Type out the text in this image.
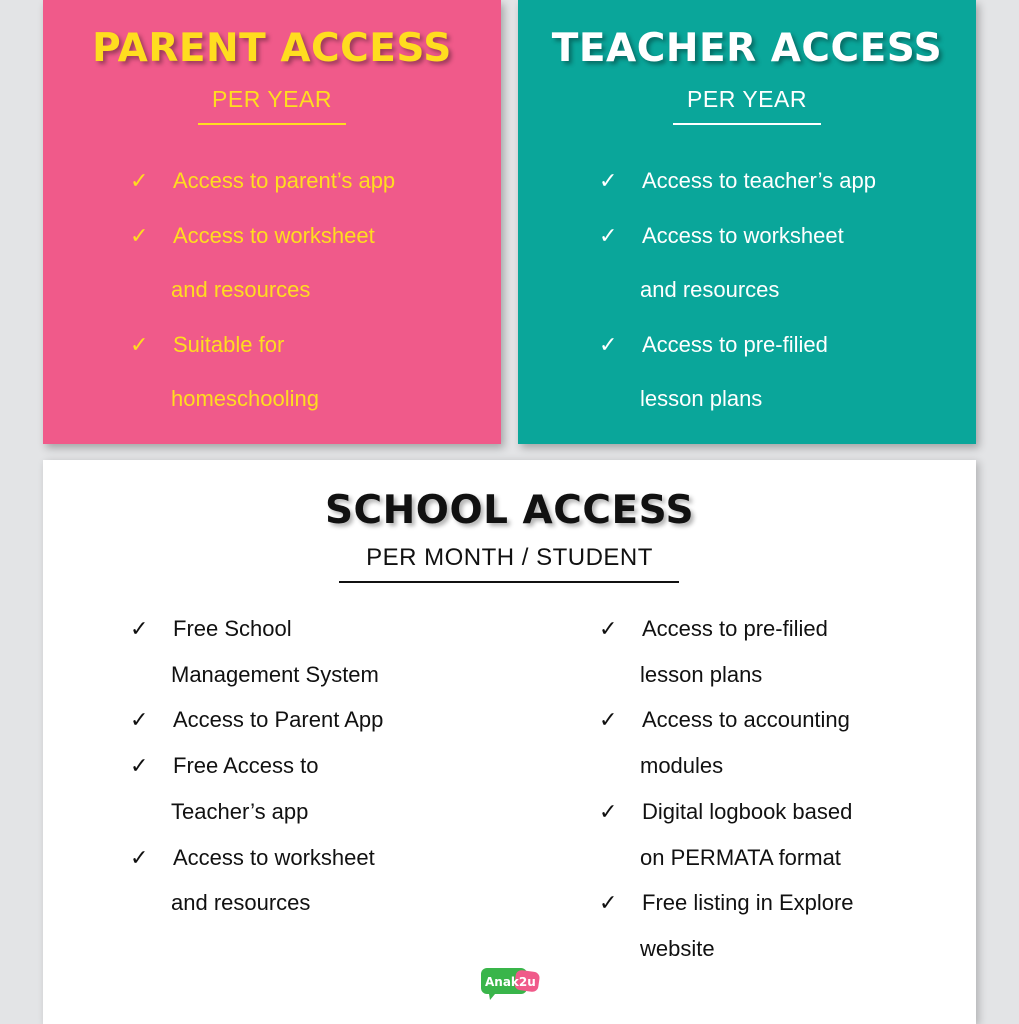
PARENT ACCESS
PER YEAR
✓ Access to parent’s app
✓ Access to worksheet
and resources
✓ Suitable for
homeschooling
TEACHER ACCESS
PER YEAR
✓ Access to teacher’s app
✓ Access to worksheet
and resources
✓ Access to pre-filied
lesson plans
SCHOOL ACCESS
PER MONTH / STUDENT
✓ Free School
Management System
✓ Access to Parent App
✓ Free Access to
Teacher’s app
✓ Access to worksheet
and resources
✓ Access to pre-filied
lesson plans
✓ Access to accounting
modules
✓ Digital logbook based
on PERMATA format
✓ Free listing in Explore
website
Anak2u
